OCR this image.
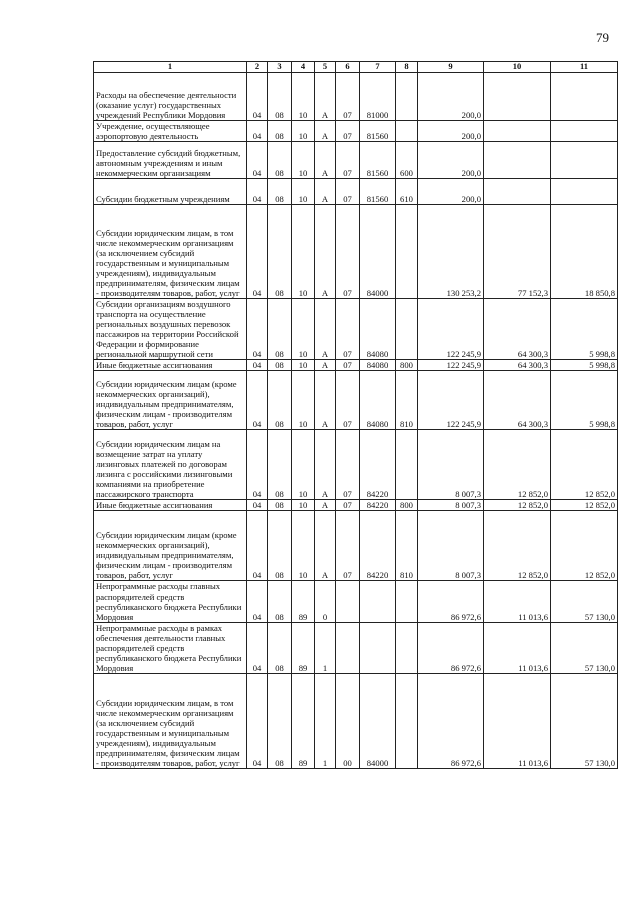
79
1	2	3	4	5	6	7	8	9	10	11
Расходы на обеспечение деятельности (оказание услуг) государственных учреждений Республики Мордовия	04	08	10	А	07	81000		200,0		
Учреждение, осуществляющее аэропортовую деятельность	04	08	10	А	07	81560		200,0		
Предоставление субсидий бюджетным, автономным учреждениям и иным некоммерческим организациям	04	08	10	А	07	81560	600	200,0		
Субсидии бюджетным учреждениям	04	08	10	А	07	81560	610	200,0		
Субсидии юридическим лицам, в том числе некоммерческим организациям (за исключением субсидий государственным и муниципальным учреждениям), индивидуальным предпринимателям, физическим лицам - производителям товаров, работ, услуг	04	08	10	А	07	84000		130 253,2	77 152,3	18 850,8
Субсидии организациям воздушного транспорта на осуществление региональных воздушных перевозок пассажиров на территории Российской Федерации и формирование региональной маршрутной сети	04	08	10	А	07	84080		122 245,9	64 300,3	5 998,8
Иные бюджетные ассигнования	04	08	10	А	07	84080	800	122 245,9	64 300,3	5 998,8
Субсидии юридическим лицам (кроме некоммерческих организаций), индивидуальным предпринимателям, физическим лицам - производителям товаров, работ, услуг	04	08	10	А	07	84080	810	122 245,9	64 300,3	5 998,8
Субсидии юридическим лицам на возмещение затрат на уплату лизинговых платежей по договорам лизинга с российскими лизинговыми компаниями на приобретение пассажирского транспорта	04	08	10	А	07	84220		8 007,3	12 852,0	12 852,0
Иные бюджетные ассигнования	04	08	10	А	07	84220	800	8 007,3	12 852,0	12 852,0
Субсидии юридическим лицам (кроме некоммерческих организаций), индивидуальным предпринимателям, физическим лицам - производителям товаров, работ, услуг	04	08	10	А	07	84220	810	8 007,3	12 852,0	12 852,0
Непрограммные расходы главных распорядителей средств республиканского бюджета Республики Мордовия	04	08	89	0				86 972,6	11 013,6	57 130,0
Непрограммные расходы в рамках обеспечения деятельности главных распорядителей средств республиканского бюджета Республики Мордовия	04	08	89	1				86 972,6	11 013,6	57 130,0
Субсидии юридическим лицам, в том числе некоммерческим организациям (за исключением субсидий государственным и муниципальным учреждениям), индивидуальным предпринимателям, физическим лицам - производителям товаров, работ, услуг	04	08	89	1	00	84000		86 972,6	11 013,6	57 130,0
